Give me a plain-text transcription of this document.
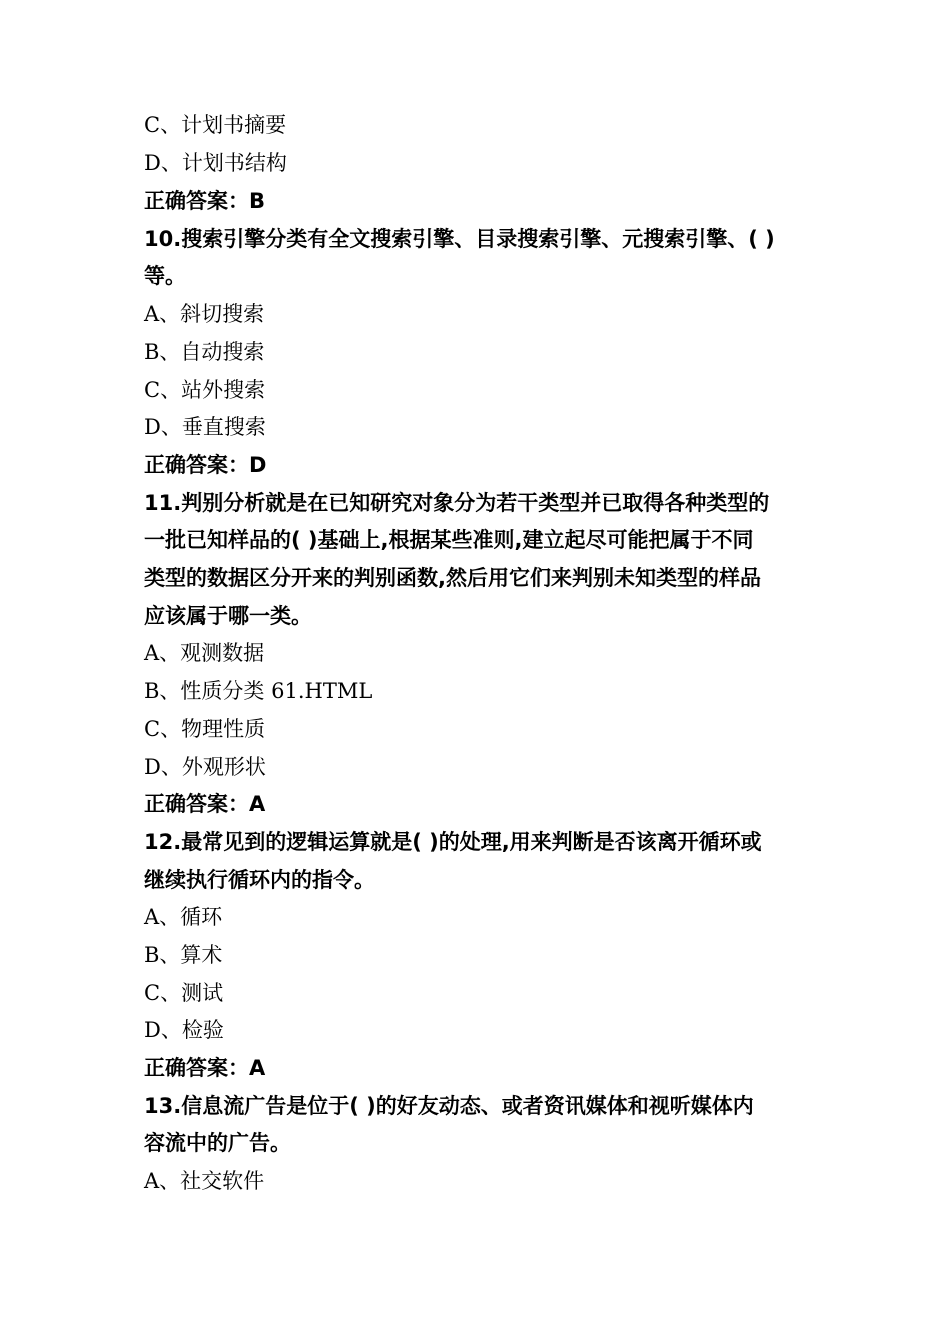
C、计划书摘要
D、计划书结构
正确答案：B
10.搜索引擎分类有全文搜索引擎、目录搜索引擎、元搜索引擎、( )
等。
A、斜切搜索
B、自动搜索
C、站外搜索
D、垂直搜索
正确答案：D
11.判别分析就是在已知研究对象分为若干类型并已取得各种类型的
一批已知样品的( )基础上,根据某些准则,建立起尽可能把属于不同
类型的数据区分开来的判别函数,然后用它们来判别未知类型的样品
应该属于哪一类。
A、观测数据
B、性质分类 61.HTML
C、物理性质
D、外观形状
正确答案：A
12.最常见到的逻辑运算就是( )的处理,用来判断是否该离开循环或
继续执行循环内的指令。
A、循环
B、算术
C、测试
D、检验
正确答案：A
13.信息流广告是位于( )的好友动态、或者资讯媒体和视听媒体内
容流中的广告。
A、社交软件
